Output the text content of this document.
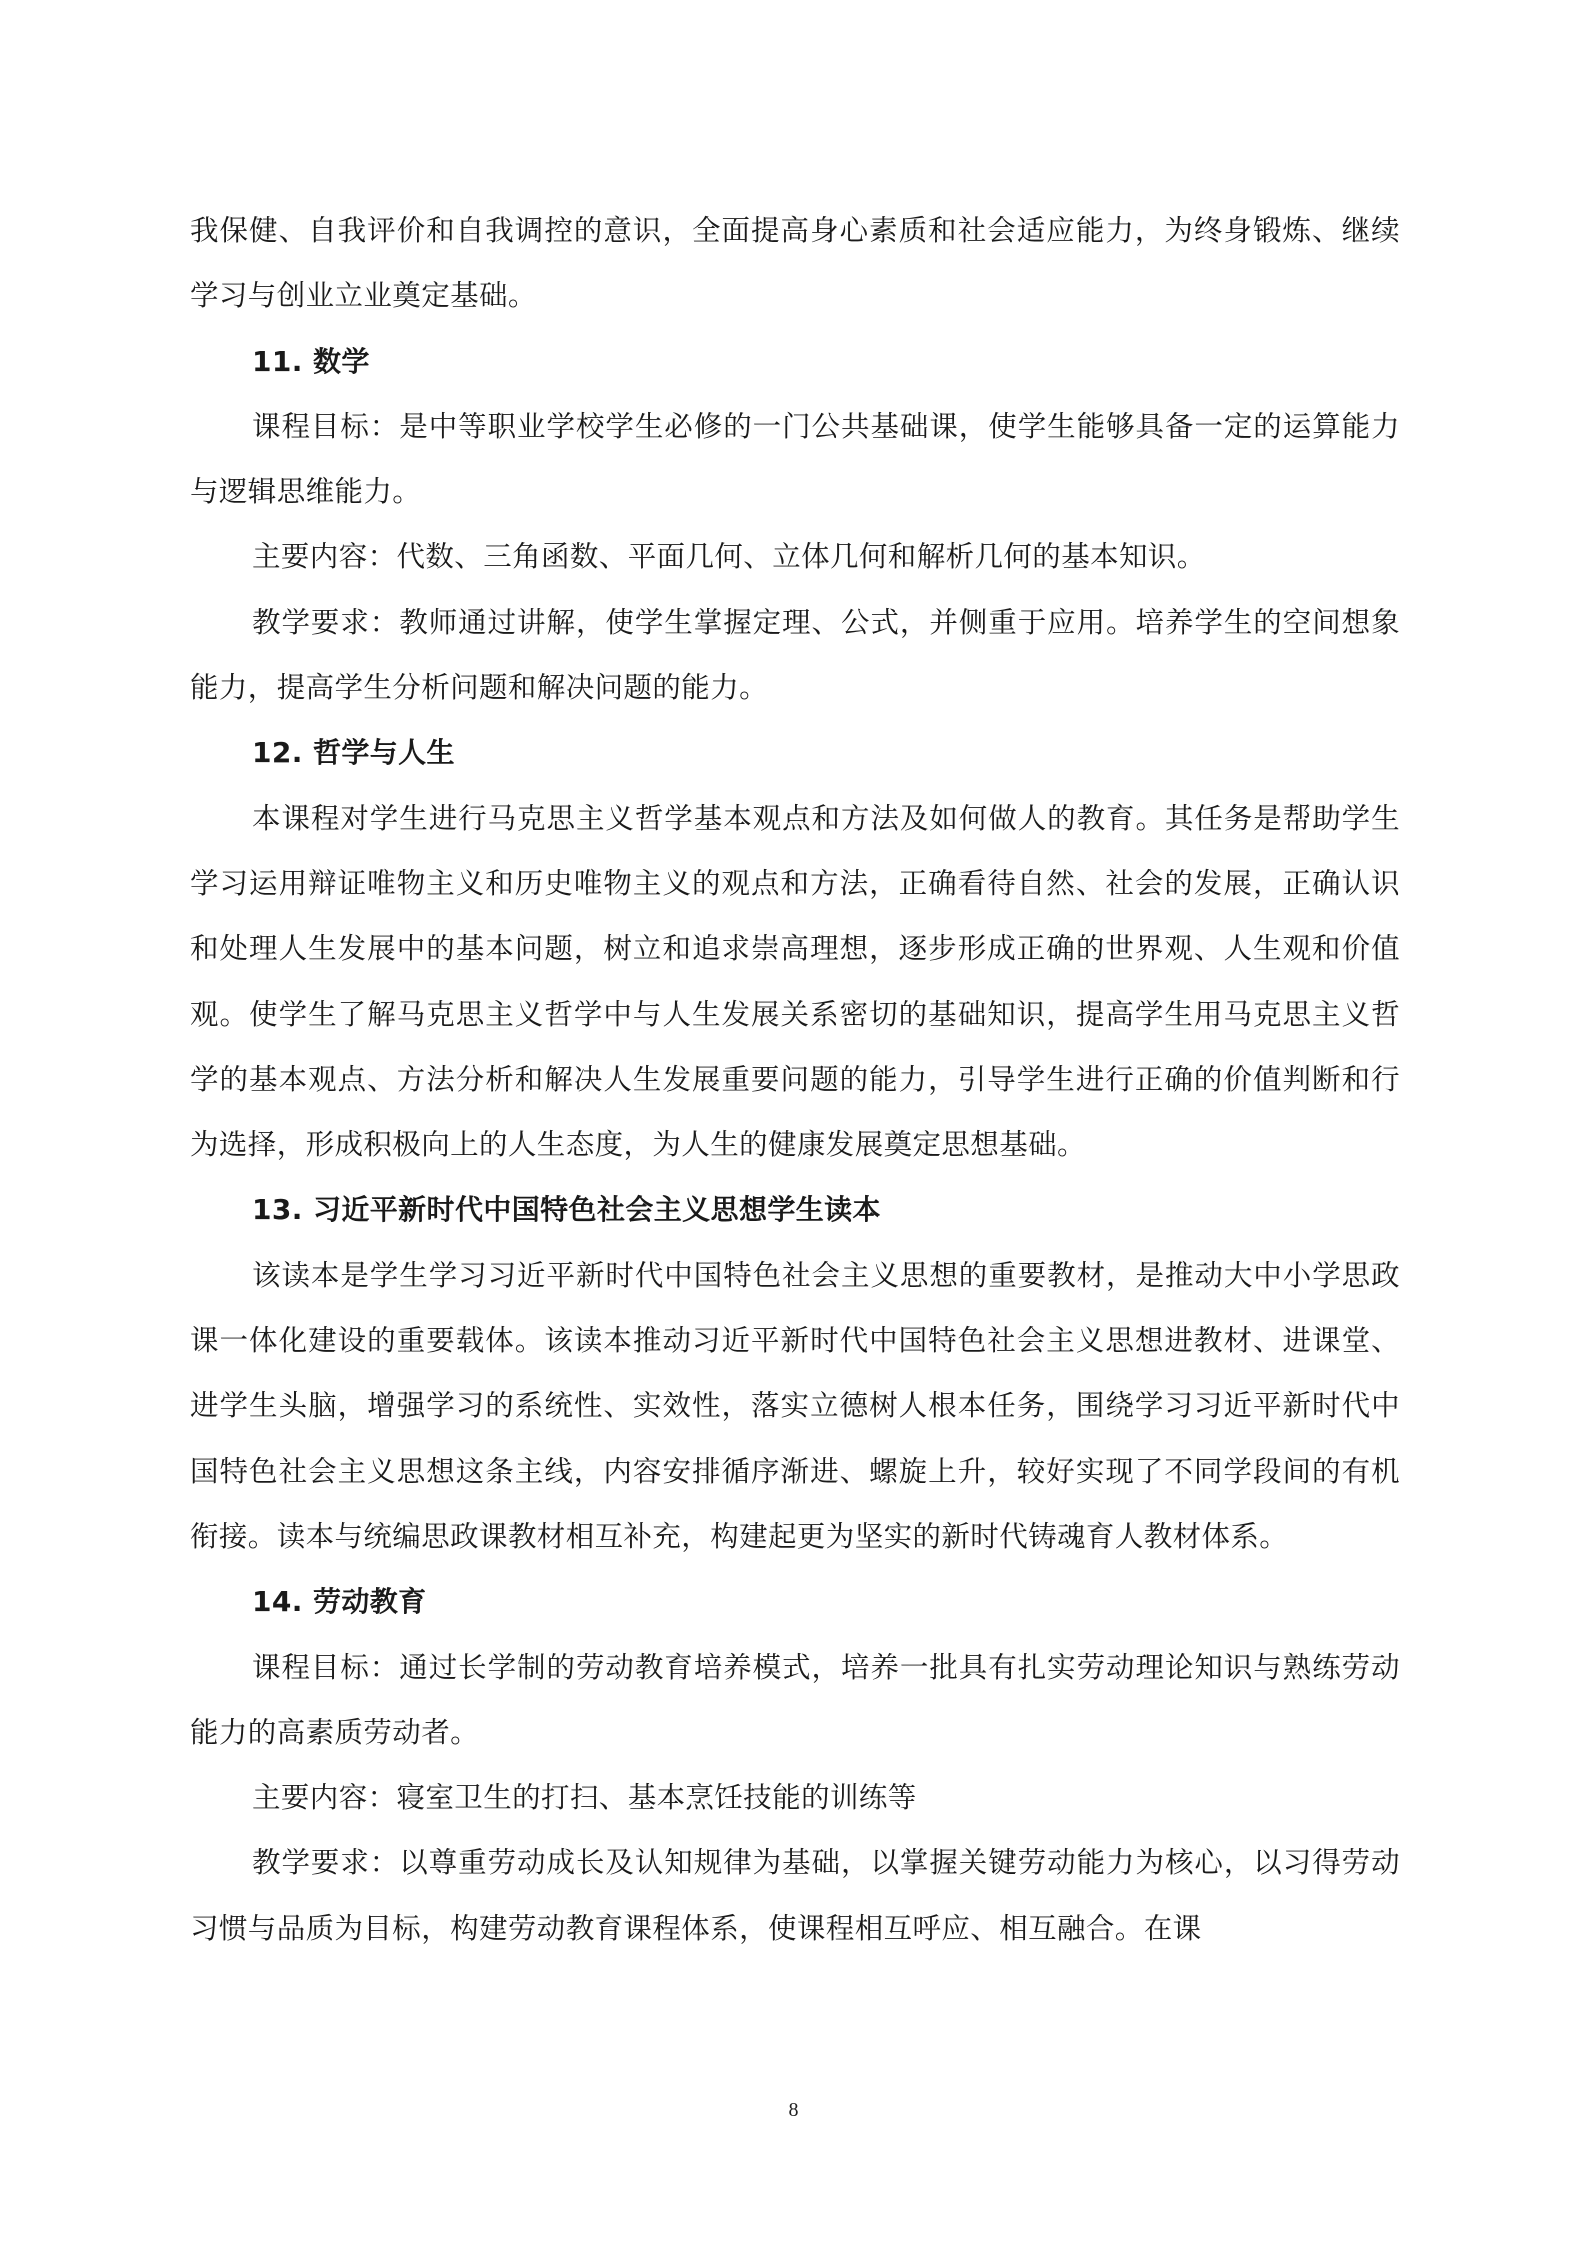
我保健、自我评价和自我调控的意识，全面提高身心素质和社会适应能力，为终身锻炼、继续学习与创业立业奠定基础。

11. 数学

课程目标：是中等职业学校学生必修的一门公共基础课，使学生能够具备一定的运算能力与逻辑思维能力。

主要内容：代数、三角函数、平面几何、立体几何和解析几何的基本知识。

教学要求：教师通过讲解，使学生掌握定理、公式，并侧重于应用。培养学生的空间想象能力，提高学生分析问题和解决问题的能力。

12. 哲学与人生

本课程对学生进行马克思主义哲学基本观点和方法及如何做人的教育。其任务是帮助学生学习运用辩证唯物主义和历史唯物主义的观点和方法，正确看待自然、社会的发展，正确认识和处理人生发展中的基本问题，树立和追求崇高理想，逐步形成正确的世界观、人生观和价值观。使学生了解马克思主义哲学中与人生发展关系密切的基础知识，提高学生用马克思主义哲学的基本观点、方法分析和解决人生发展重要问题的能力，引导学生进行正确的价值判断和行为选择，形成积极向上的人生态度，为人生的健康发展奠定思想基础。

13. 习近平新时代中国特色社会主义思想学生读本

该读本是学生学习习近平新时代中国特色社会主义思想的重要教材，是推动大中小学思政课一体化建设的重要载体。该读本推动习近平新时代中国特色社会主义思想进教材、进课堂、进学生头脑，增强学习的系统性、实效性，落实立德树人根本任务，围绕学习习近平新时代中国特色社会主义思想这条主线，内容安排循序渐进、螺旋上升，较好实现了不同学段间的有机衔接。读本与统编思政课教材相互补充，构建起更为坚实的新时代铸魂育人教材体系。

14. 劳动教育

课程目标：通过长学制的劳动教育培养模式，培养一批具有扎实劳动理论知识与熟练劳动能力的高素质劳动者。

主要内容：寝室卫生的打扫、基本烹饪技能的训练等

教学要求：以尊重劳动成长及认知规律为基础，以掌握关键劳动能力为核心，以习得劳动习惯与品质为目标，构建劳动教育课程体系，使课程相互呼应、相互融合。在课

8
